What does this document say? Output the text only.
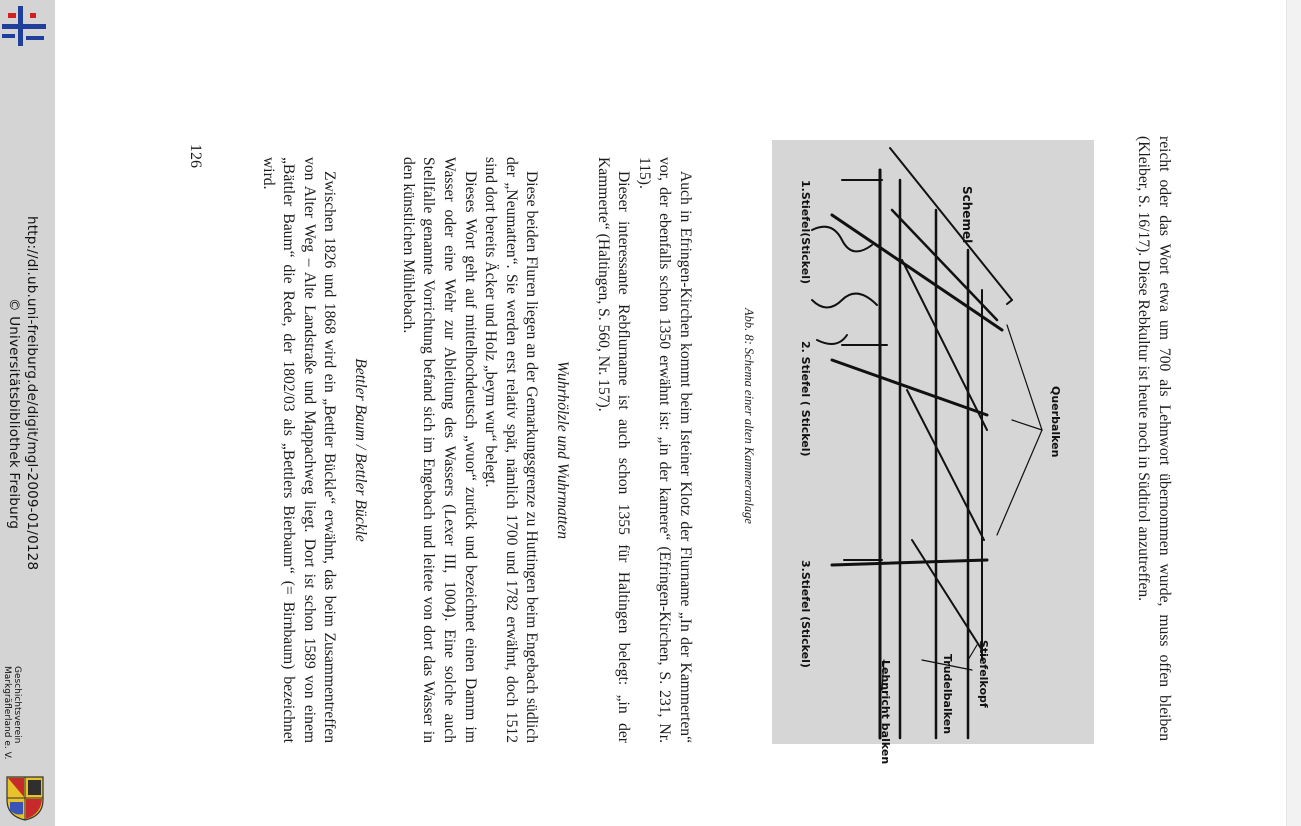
http://dl.ub.uni-freiburg.de/digit/mgl-2009-01/0128
© Universitätsbibliothek Freiburg
Geschichtsverein
Markgräflerland e. V.	reicht oder das Wort etwa um 700 als Lehnwort übernommen wurde, muss offen bleiben (Kleiber, S. 16/17). Diese Rebkultur ist heute noch in Südtirol anzutreffen.

Abb. 8: Schema einer alten Kammeranlage

Auch in Efringen-Kirchen kommt beim Isteiner Klotz der Flurname „In der Kammerten“ vor, der ebenfalls schon 1350 erwähnt ist: „in der kamere“ (Efringen-Kirchen, S. 231, Nr. 115).

Dieser interessante Rebflurname ist auch schon 1355 für Haltingen belegt: „in der Kammerte“ (Haltingen, S. 560, Nr. 157).

Wuhrhölzle und Wuhrmatten

Diese beiden Fluren liegen an der Gemarkungsgrenze zu Huttingen beim Engebach südlich der „Neumatten“. Sie werden erst relativ spät, nämlich 1700 und 1782 erwähnt, doch 1512 sind dort bereits Äcker und Holz „beym wur“ belegt.

Dieses Wort geht auf mittelhochdeutsch „wuor“ zurück und bezeichnet einen Damm im Wasser oder eine Wehr zur Ableitung des Wassers (Lexer III, 1004). Eine solche auch Stellfalle genannte Vorrichtung befand sich im Engebach und leitete von dort das Wasser in den künstlichen Mühlebach.

Bettler Baum / Bettler Bückle

Zwischen 1826 und 1868 wird ein „Bettler Bückle“ erwähnt, das beim Zusammentreffen von Alter Weg – Alte Landstraße und Mappachweg liegt. Dort ist schon 1589 von einem „Bättler Baum“ die Rede, der 1802/03 als „Bettlers Bierbaum“ (= Birnbaum) bezeichnet wird.

126
Schemel
Querbalken
Stiefelkopf
Trudelbalken
Lehnricht balken
1.Stiefel(Stickel)
2. Stiefel ( Stickel)
3.Stiefel (Stickel)
